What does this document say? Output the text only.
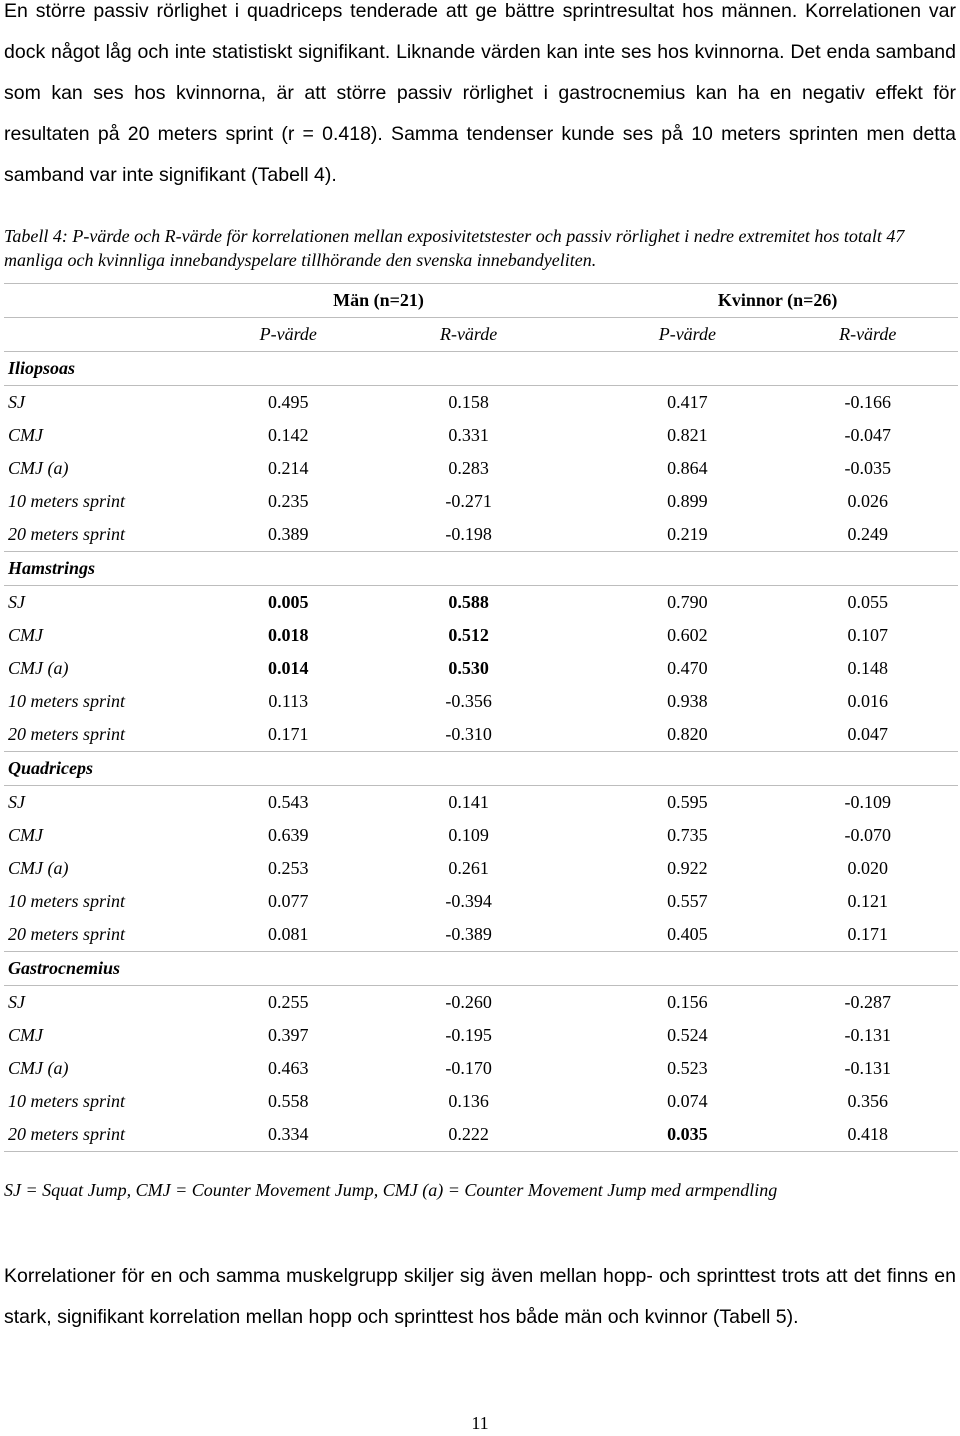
En större passiv rörlighet i quadriceps tenderade att ge bättre sprintresultat hos männen. Korrelationen var dock något låg och inte statistiskt signifikant. Liknande värden kan inte ses hos kvinnorna. Det enda samband som kan ses hos kvinnorna, är att större passiv rörlighet i gastrocnemius kan ha en negativ effekt för resultaten på 20 meters sprint (r = 0.418). Samma tendenser kunde ses på 10 meters sprinten men detta samband var inte signifikant (Tabell 4).

Tabell 4: P-värde och R-värde för korrelationen mellan exposivitetstester och passiv rörlighet i nedre extremitet hos totalt 47 manliga och kvinnliga innebandyspelare tillhörande den svenska innebandyeliten.

	Män (n=21)			Kvinnor (n=26)	
	P-värde	R-värde		P-värde	R-värde
Iliopsoas					
SJ	0.495	0.158		0.417	-0.166
CMJ	0.142	0.331		0.821	-0.047
CMJ (a)	0.214	0.283		0.864	-0.035
10 meters sprint	0.235	-0.271		0.899	0.026
20 meters sprint	0.389	-0.198		0.219	0.249
Hamstrings					
SJ	0.005	0.588		0.790	0.055
CMJ	0.018	0.512		0.602	0.107
CMJ (a)	0.014	0.530		0.470	0.148
10 meters sprint	0.113	-0.356		0.938	0.016
20 meters sprint	0.171	-0.310		0.820	0.047
Quadriceps					
SJ	0.543	0.141		0.595	-0.109
CMJ	0.639	0.109		0.735	-0.070
CMJ (a)	0.253	0.261		0.922	0.020
10 meters sprint	0.077	-0.394		0.557	0.121
20 meters sprint	0.081	-0.389		0.405	0.171
Gastrocnemius					
SJ	0.255	-0.260		0.156	-0.287
CMJ	0.397	-0.195		0.524	-0.131
CMJ (a)	0.463	-0.170		0.523	-0.131
10 meters sprint	0.558	0.136		0.074	0.356
20 meters sprint	0.334	0.222		0.035	0.418

SJ = Squat Jump, CMJ = Counter Movement Jump, CMJ (a) = Counter Movement Jump med armpendling

Korrelationer för en och samma muskelgrupp skiljer sig även mellan hopp- och sprinttest trots att det finns en stark, signifikant korrelation mellan hopp och sprinttest hos både män och kvinnor (Tabell 5).

11
